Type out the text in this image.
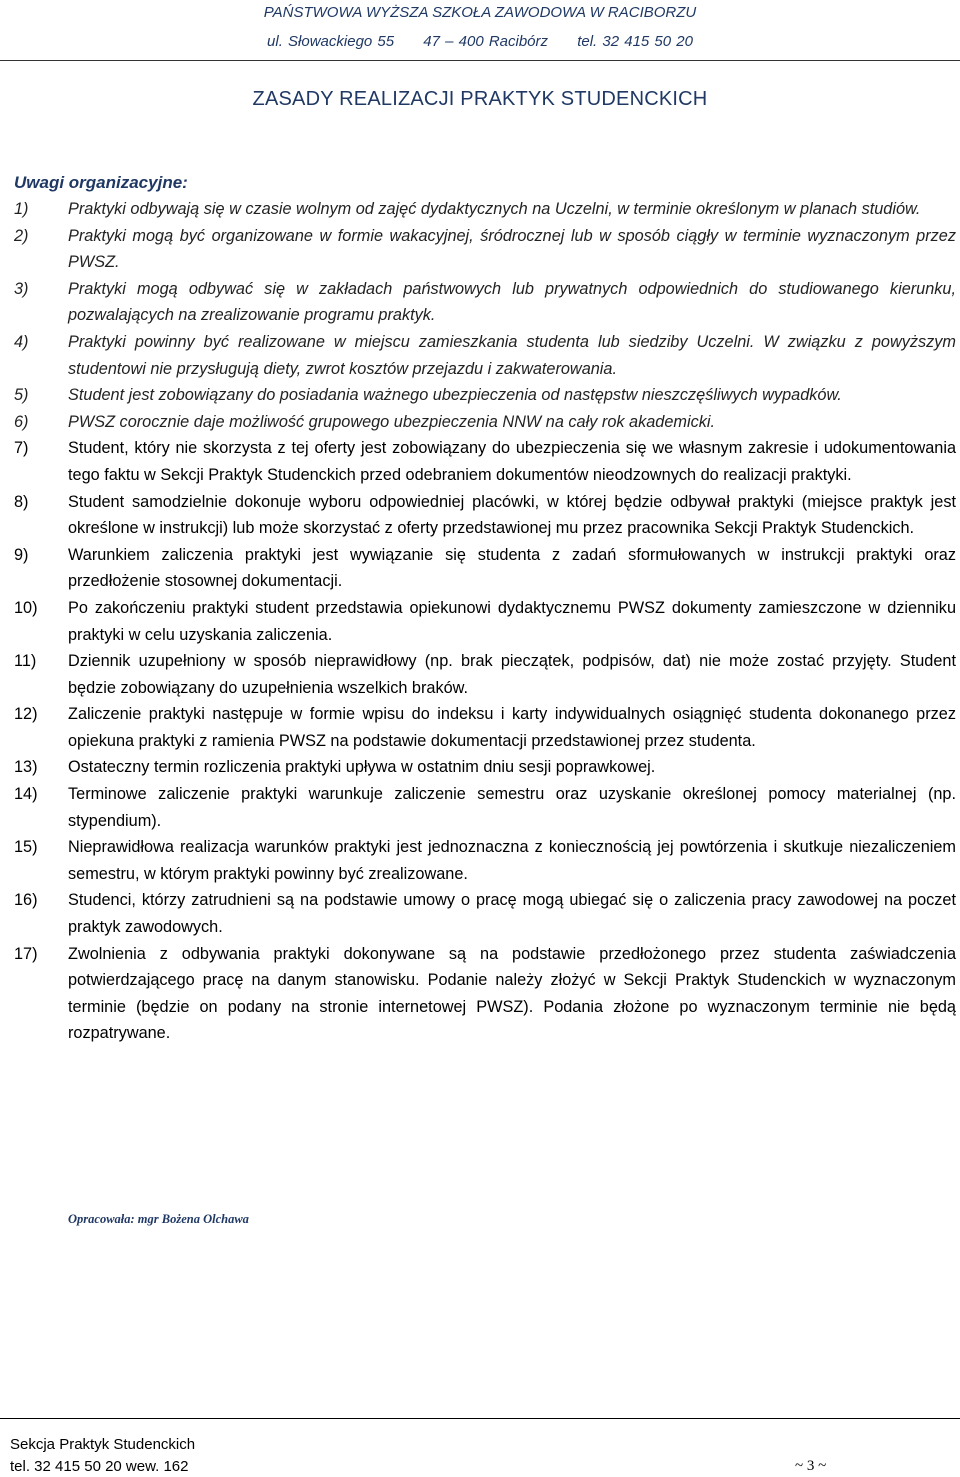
PAŃSTWOWA WYŻSZA SZKOŁA ZAWODOWA W RACIBORZU
ul. Słowackiego 55 47 – 400 Racibórz tel. 32 415 50 20
ZASADY REALIZACJI PRAKTYK STUDENCKICH
Uwagi organizacyjne:
1)	Praktyki odbywają się w czasie wolnym od zajęć dydaktycznych na Uczelni, w terminie określonym w planach studiów.
2)	Praktyki mogą być organizowane w formie wakacyjnej, śródrocznej lub w sposób ciągły w terminie wyznaczonym przez PWSZ.
3)	Praktyki mogą odbywać się w zakładach państwowych lub prywatnych odpowiednich do studiowanego kierunku, pozwalających na zrealizowanie programu praktyk.
4)	Praktyki powinny być realizowane w miejscu zamieszkania studenta lub siedziby Uczelni. W związku z powyższym studentowi nie przysługują diety, zwrot kosztów przejazdu i zakwaterowania.
5)	Student jest zobowiązany do posiadania ważnego ubezpieczenia od następstw nieszczęśliwych wypadków.
6)	PWSZ corocznie daje możliwość grupowego ubezpieczenia NNW na cały rok akademicki.
7)	Student, który nie skorzysta z tej oferty jest zobowiązany do ubezpieczenia się we własnym zakresie i udokumentowania tego faktu w Sekcji Praktyk Studenckich przed odebraniem dokumentów nieodzownych do realizacji praktyki.
8)	Student samodzielnie dokonuje wyboru odpowiedniej placówki, w której będzie odbywał praktyki (miejsce praktyk jest określone w instrukcji) lub może skorzystać z oferty przedstawionej mu przez pracownika Sekcji Praktyk Studenckich.
9)	Warunkiem zaliczenia praktyki jest wywiązanie się studenta z zadań sformułowanych w instrukcji praktyki oraz przedłożenie stosownej dokumentacji.
10)	Po zakończeniu praktyki student przedstawia opiekunowi dydaktycznemu PWSZ dokumenty zamieszczone w dzienniku praktyki w celu uzyskania zaliczenia.
11)	Dziennik uzupełniony w sposób nieprawidłowy (np. brak pieczątek, podpisów, dat) nie może zostać przyjęty. Student będzie zobowiązany do uzupełnienia wszelkich braków.
12)	Zaliczenie praktyki następuje w formie wpisu do indeksu i karty indywidualnych osiągnięć studenta dokonanego przez opiekuna praktyki z ramienia PWSZ na podstawie dokumentacji przedstawionej przez studenta.
13)	Ostateczny termin rozliczenia praktyki upływa w ostatnim dniu sesji poprawkowej.
14)	Terminowe zaliczenie praktyki warunkuje zaliczenie semestru oraz uzyskanie określonej pomocy materialnej (np. stypendium).
15)	Nieprawidłowa realizacja warunków praktyki jest jednoznaczna z koniecznością jej powtórzenia i skutkuje niezaliczeniem semestru, w którym praktyki powinny być zrealizowane.
16)	Studenci, którzy zatrudnieni są na podstawie umowy o pracę mogą ubiegać się o zaliczenia pracy zawodowej na poczet praktyk zawodowych.
17)	Zwolnienia z odbywania praktyki dokonywane są na podstawie przedłożonego przez studenta zaświadczenia potwierdzającego pracę na danym stanowisku. Podanie należy złożyć w Sekcji Praktyk Studenckich w wyznaczonym terminie (będzie on podany na stronie internetowej PWSZ). Podania złożone po wyznaczonym terminie nie będą rozpatrywane.
Opracowała: mgr Bożena Olchawa
Sekcja Praktyk Studenckich
tel. 32 415 50 20 wew. 162	~ 3 ~
